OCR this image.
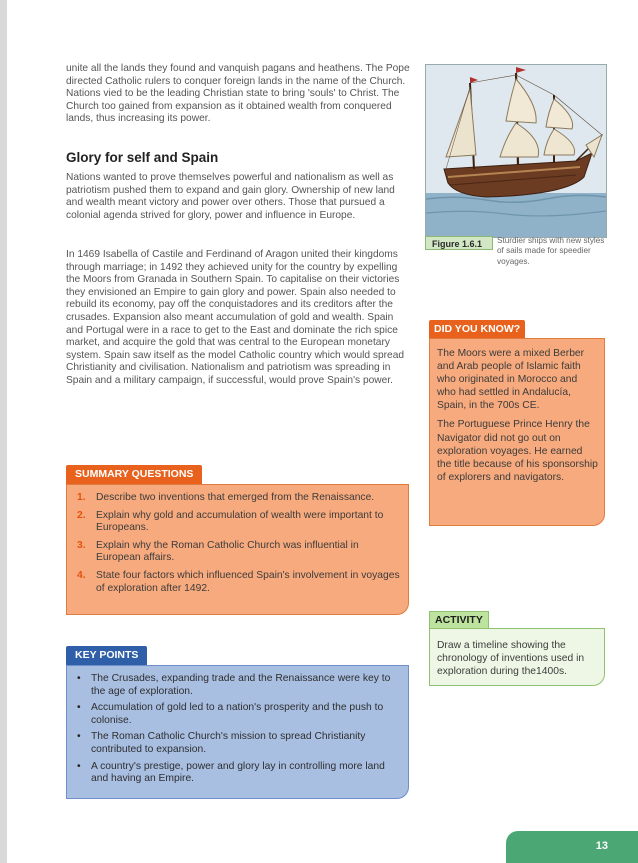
unite all the lands they found and vanquish pagans and heathens. The Pope directed Catholic rulers to conquer foreign lands in the name of the Church. Nations vied to be the leading Christian state to bring 'souls' to Christ. The Church too gained from expansion as it obtained wealth from conquered lands, thus increasing its power.

Glory for self and Spain

Nations wanted to prove themselves powerful and nationalism as well as patriotism pushed them to expand and gain glory. Ownership of new land and wealth meant victory and power over others. Those that pursued a colonial agenda strived for glory, power and influence in Europe.

In 1469 Isabella of Castile and Ferdinand of Aragon united their kingdoms through marriage; in 1492 they achieved unity for the country by expelling the Moors from Granada in Southern Spain. To capitalise on their victories they envisioned an Empire to gain glory and power. Spain also needed to rebuild its economy, pay off the conquistadores and its creditors after the crusades. Expansion also meant accumulation of gold and wealth. Spain and Portugal were in a race to get to the East and dominate the rich spice market, and acquire the gold that was central to the European monetary system. Spain saw itself as the model Catholic country which would spread Christianity and civilisation. Nationalism and patriotism was spreading in Spain and a military campaign, if successful, would prove Spain's power.

Figure 1.6.1	Sturdier ships with new styles of sails made for speedier voyages.

DID YOU KNOW?

The Moors were a mixed Berber and Arab people of Islamic faith who originated in Morocco and who had settled in Andalucía, Spain, in the 700s CE.

The Portuguese Prince Henry the Navigator did not go out on exploration voyages. He earned the title because of his sponsorship of explorers and navigators.

ACTIVITY

Draw a timeline showing the chronology of inventions used in exploration during the1400s.

SUMMARY QUESTIONS
1.	Describe two inventions that emerged from the Renaissance.
2.	Explain why gold and accumulation of wealth were important to Europeans.
3.	Explain why the Roman Catholic Church was influential in European affairs.
4.	State four factors which influenced Spain's involvement in voyages of exploration after 1492.
KEY POINTS
•	The Crusades, expanding trade and the Renaissance were key to the age of exploration.
•	Accumulation of gold led to a nation's prosperity and the push to colonise.
•	The Roman Catholic Church's mission to spread Christianity contributed to expansion.
•	A country's prestige, power and glory lay in controlling more land and having an Empire.
13
